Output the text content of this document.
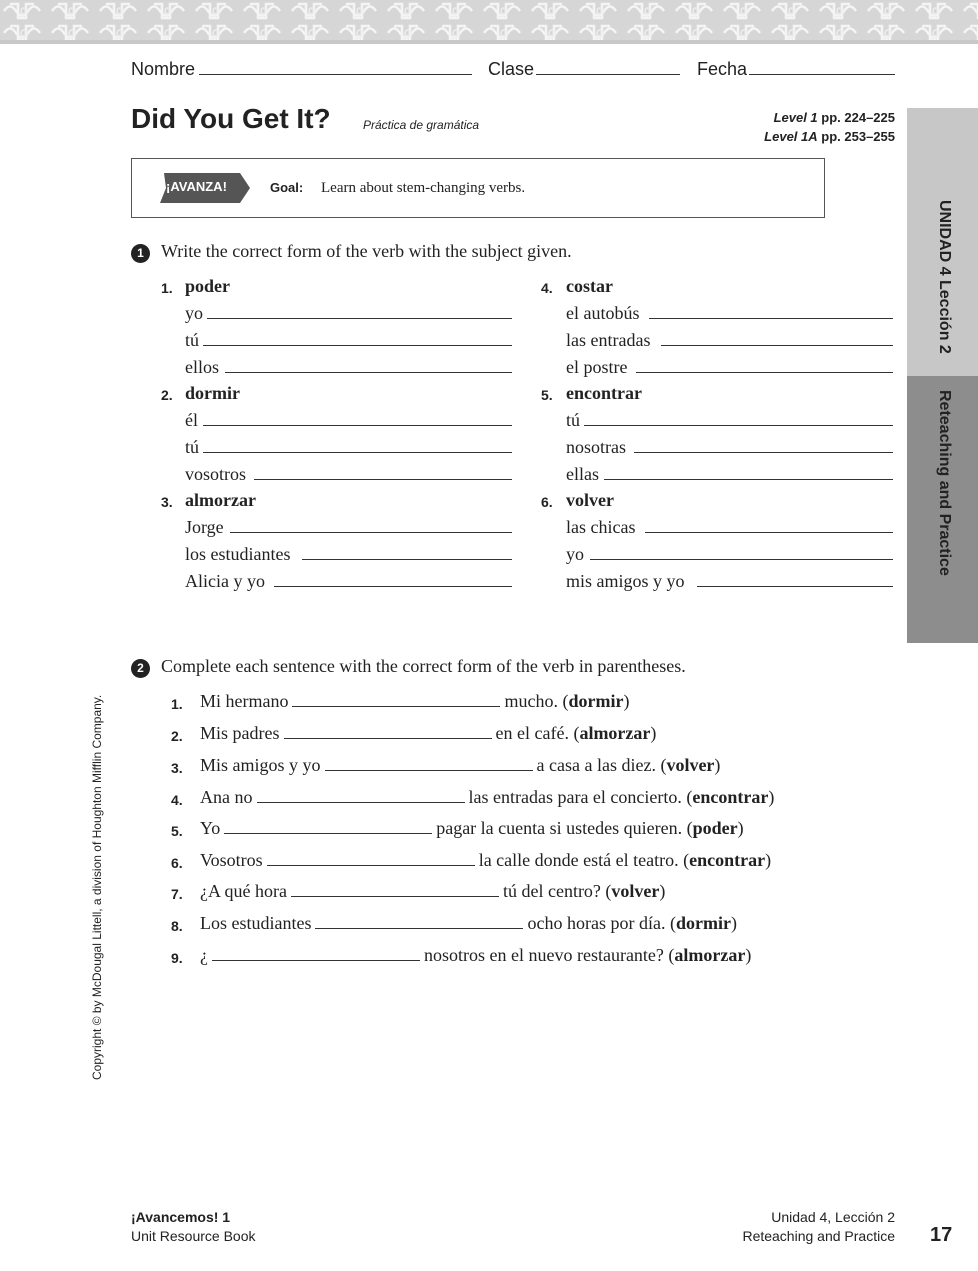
Nombre	Clase	Fecha
Did You Get It?	Práctica de gramática	Level 1 pp. 224–225
Level 1A pp. 253–255
¡AVANZA!	Goal: Learn about stem-changing verbs.
UNIDAD 4 Lección 2
Reteaching and Practice
1 Write the correct form of the verb with the subject given.
1. poder
yo
tú
ellos
2. dormir
él
tú
vosotros
3. almorzar
Jorge
los estudiantes
Alicia y yo
4. costar
el autobús
las entradas
el postre
5. encontrar
tú
nosotras
ellas
6. volver
las chicas
yo
mis amigos y yo
2 Complete each sentence with the correct form of the verb in parentheses.
1. Mi hermano	mucho. (dormir)
2. Mis padres	en el café. (almorzar)
3. Mis amigos y yo	a casa a las diez. (volver)
4. Ana no	las entradas para el concierto. (encontrar)
5. Yo	pagar la cuenta si ustedes quieren. (poder)
6. Vosotros	la calle donde está el teatro. (encontrar)
7. ¿A qué hora	tú del centro? (volver)
8. Los estudiantes	ocho horas por día. (dormir)
9. ¿	nosotros en el nuevo restaurante? (almorzar)
Copyright © by McDougal Littell, a division of Houghton Mifflin Company.
¡Avancemos! 1
Unit Resource Book
Unidad 4, Lección 2
Reteaching and Practice 17
